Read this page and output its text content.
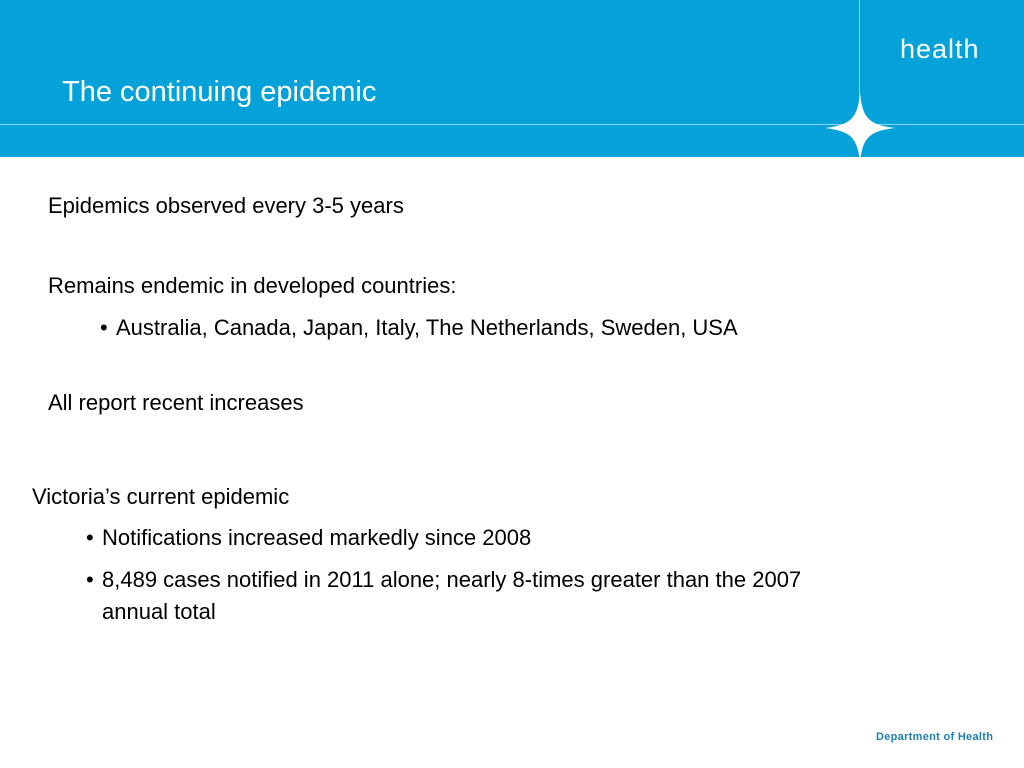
The continuing epidemic
health
Epidemics observed every 3-5 years
Remains endemic in developed countries:
• Australia, Canada, Japan, Italy, The Netherlands, Sweden, USA
All report recent increases
Victoria’s current epidemic
• Notifications increased markedly since 2008
• 8,489 cases notified in 2011 alone; nearly 8-times greater than the 2007 annual total
Department of Health
